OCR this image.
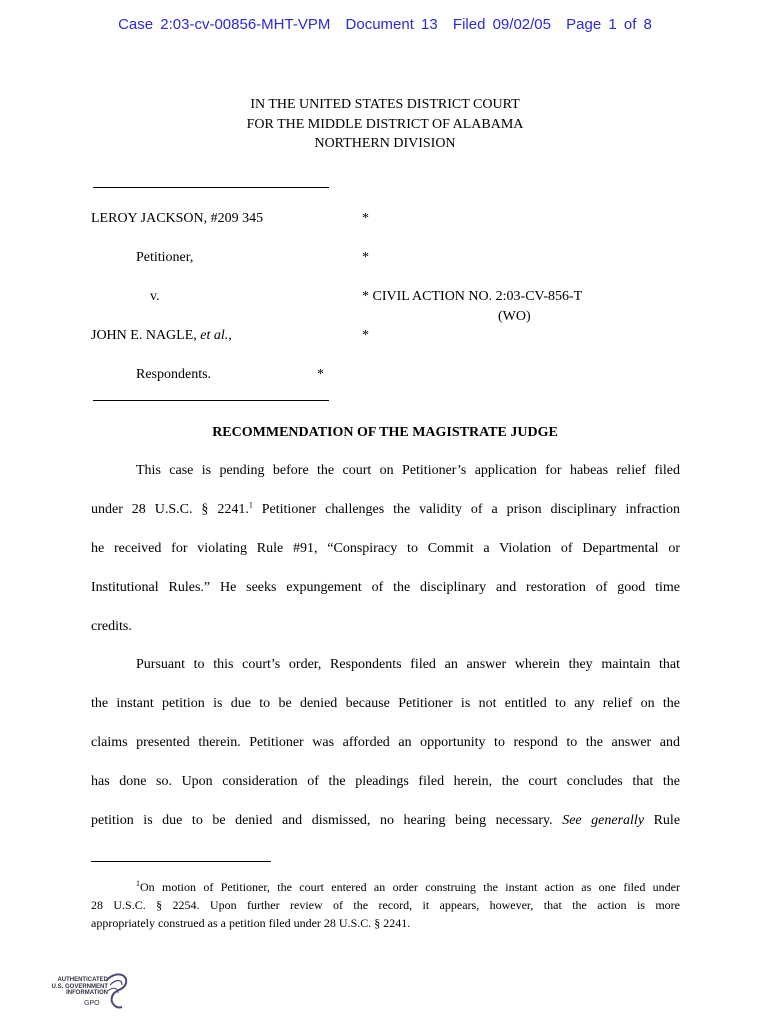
Case 2:03-cv-00856-MHT-VPM Document 13 Filed 09/02/05 Page 1 of 8
IN THE UNITED STATES DISTRICT COURT
FOR THE MIDDLE DISTRICT OF ALABAMA
NORTHERN DIVISION
LEROY JACKSON, #209 345	*
Petitioner,	*
v.	* CIVIL ACTION NO. 2:03-CV-856-T
(WO)
JOHN E. NAGLE, et al.,	*
Respondents.	*
RECOMMENDATION OF THE MAGISTRATE JUDGE
This case is pending before the court on Petitioner’s application for habeas relief filed
under 28 U.S.C. § 2241.$^1$ Petitioner challenges the validity of a prison disciplinary infraction
he received for violating Rule #91, “Conspiracy to Commit a Violation of Departmental or
Institutional Rules.” He seeks expungement of the disciplinary and restoration of good time
credits.
Pursuant to this court’s order, Respondents filed an answer wherein they maintain that
the instant petition is due to be denied because Petitioner is not entitled to any relief on the
claims presented therein. Petitioner was afforded an opportunity to respond to the answer and
has done so. Upon consideration of the pleadings filed herein, the court concludes that the
petition is due to be denied and dismissed, no hearing being necessary. See generally Rule
$^1$On motion of Petitioner, the court entered an order construing the instant action as one filed under
28 U.S.C. § 2254. Upon further review of the record, it appears, however, that the action is more
appropriately construed as a petition filed under 28 U.S.C. § 2241.
AUTHENTICATED
U.S. GOVERNMENT
INFORMATION
GPO
